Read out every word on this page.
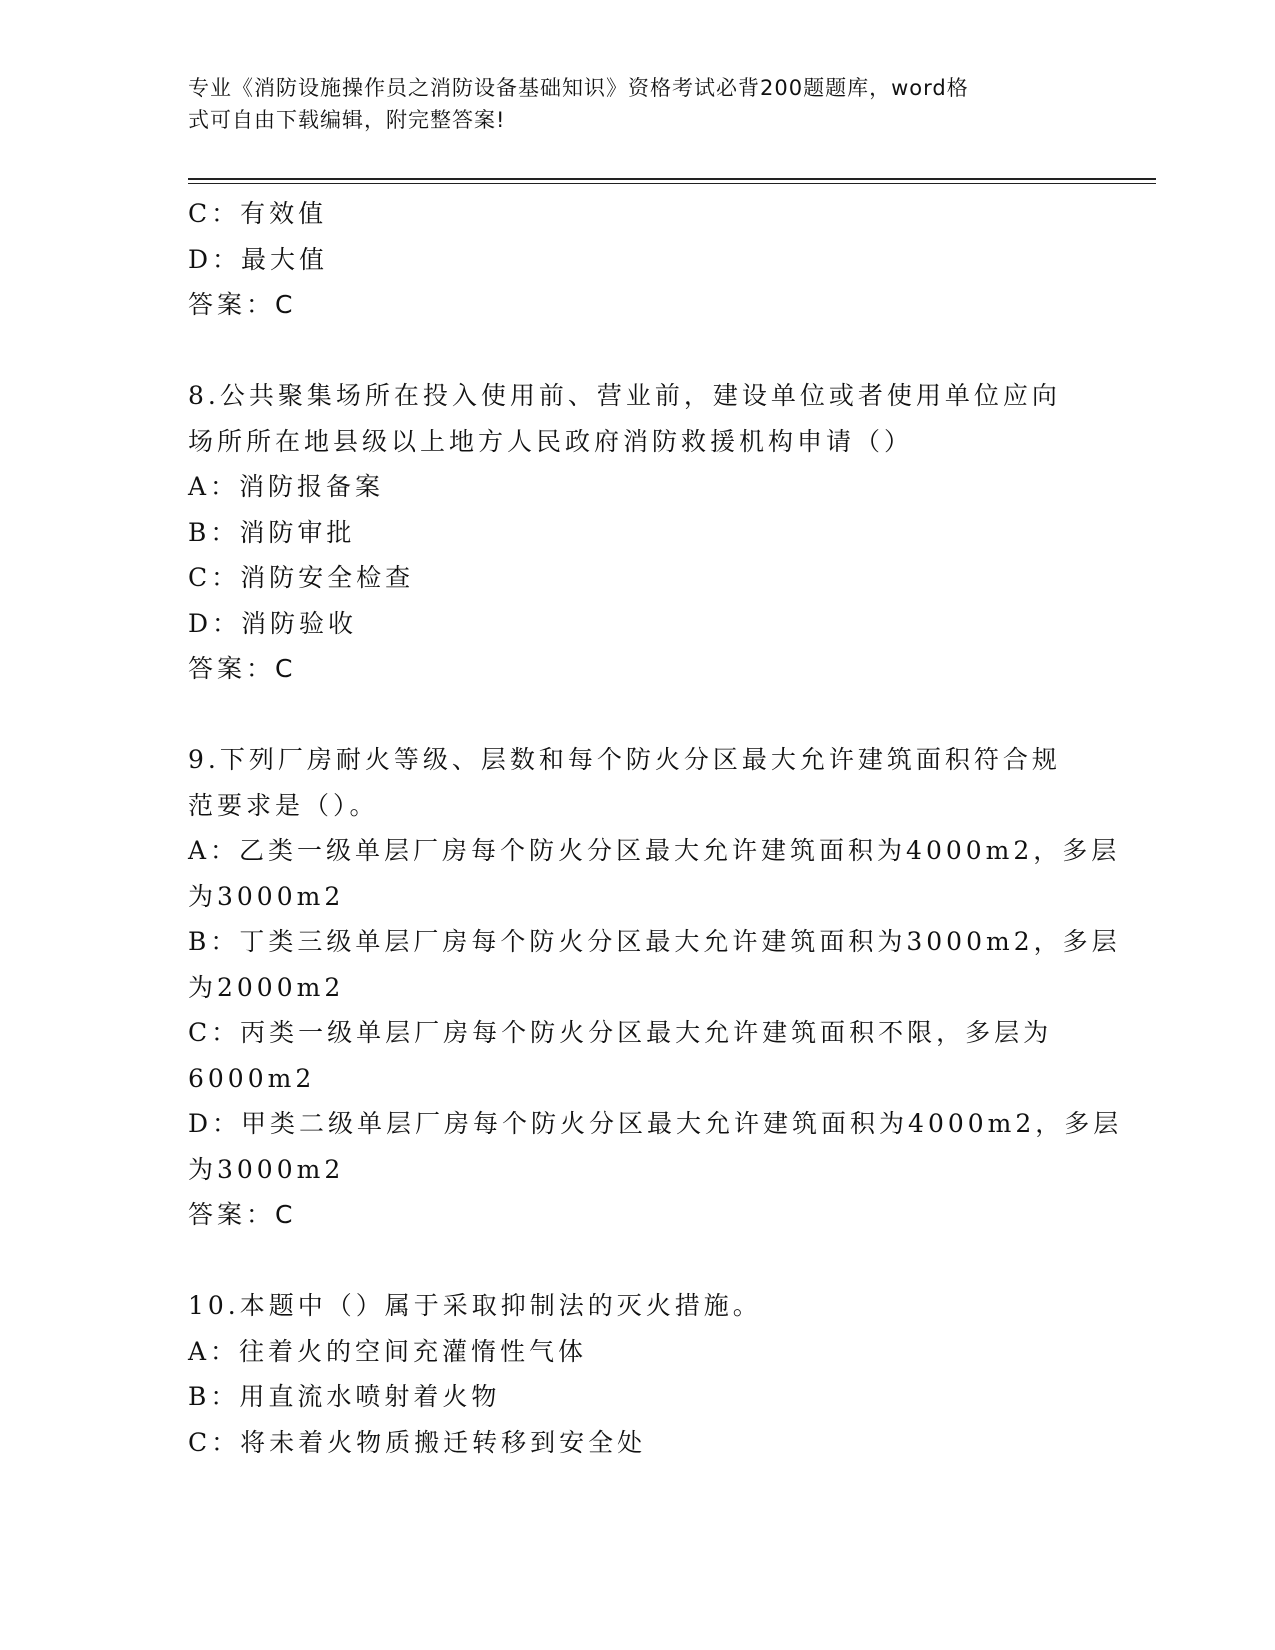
专业《消防设施操作员之消防设备基础知识》资格考试必背200题题库，word格
式可自由下载编辑，附完整答案!
C：有效值
D：最大值
答案：C
8.公共聚集场所在投入使用前、营业前，建设单位或者使用单位应向
场所所在地县级以上地方人民政府消防救援机构申请（）
A：消防报备案
B：消防审批
C：消防安全检查
D：消防验收
答案：C
9.下列厂房耐火等级、层数和每个防火分区最大允许建筑面积符合规
范要求是（）。
A：乙类一级单层厂房每个防火分区最大允许建筑面积为4000m2，多层
为3000m2
B：丁类三级单层厂房每个防火分区最大允许建筑面积为3000m2，多层
为2000m2
C：丙类一级单层厂房每个防火分区最大允许建筑面积不限，多层为
6000m2
D：甲类二级单层厂房每个防火分区最大允许建筑面积为4000m2，多层
为3000m2
答案：C
10.本题中（）属于采取抑制法的灭火措施。
A：往着火的空间充灌惰性气体
B：用直流水喷射着火物
C：将未着火物质搬迁转移到安全处
